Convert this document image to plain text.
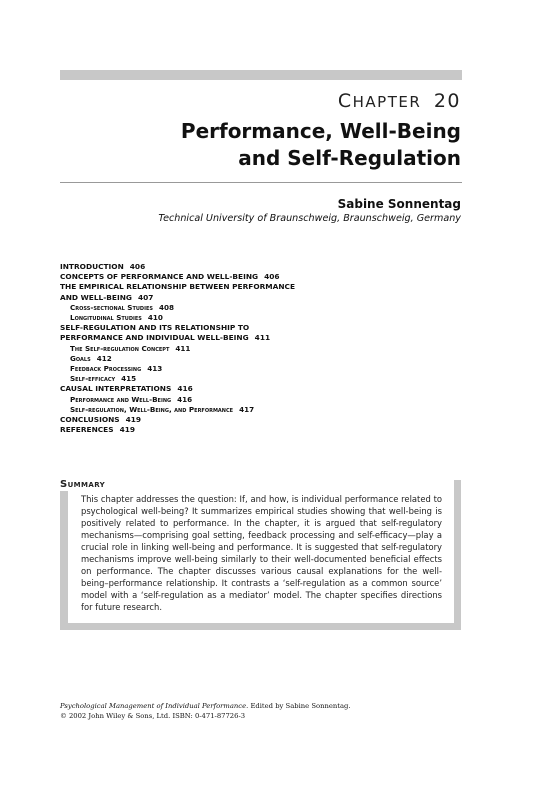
CHAPTER 20
Performance, Well-Being
and Self-Regulation
Sabine Sonnentag
Technical University of Braunschweig, Braunschweig, Germany
INTRODUCTION 406
CONCEPTS OF PERFORMANCE AND WELL-BEING 406
THE EMPIRICAL RELATIONSHIP BETWEEN PERFORMANCE
AND WELL-BEING 407
Cross-sectional Studies 408
Longitudinal Studies 410
SELF-REGULATION AND ITS RELATIONSHIP TO
PERFORMANCE AND INDIVIDUAL WELL-BEING 411
The Self-regulation Concept 411
Goals 412
Feedback Processing 413
Self-efficacy 415
CAUSAL INTERPRETATIONS 416
Performance and Well-Being 416
Self-regulation, Well-Being, and Performance 417
CONCLUSIONS 419
REFERENCES 419
Summary
This chapter addresses the question: If, and how, is individual performance related to psychological well-being? It summarizes empirical studies showing that well-being is positively related to performance. In the chapter, it is argued that self-regulatory mechanisms—comprising goal setting, feedback processing and self-efficacy—play a crucial role in linking well-being and performance. It is suggested that self-regulatory mechanisms improve well-being similarly to their well-documented beneficial effects on performance. The chapter discusses various causal explanations for the well-being–performance relationship. It contrasts a ‘self-regulation as a common source’ model with a ‘self-regulation as a mediator’ model. The chapter specifies directions for future research.
Psychological Management of Individual Performance. Edited by Sabine Sonnentag.
© 2002 John Wiley & Sons, Ltd. ISBN: 0-471-87726-3
